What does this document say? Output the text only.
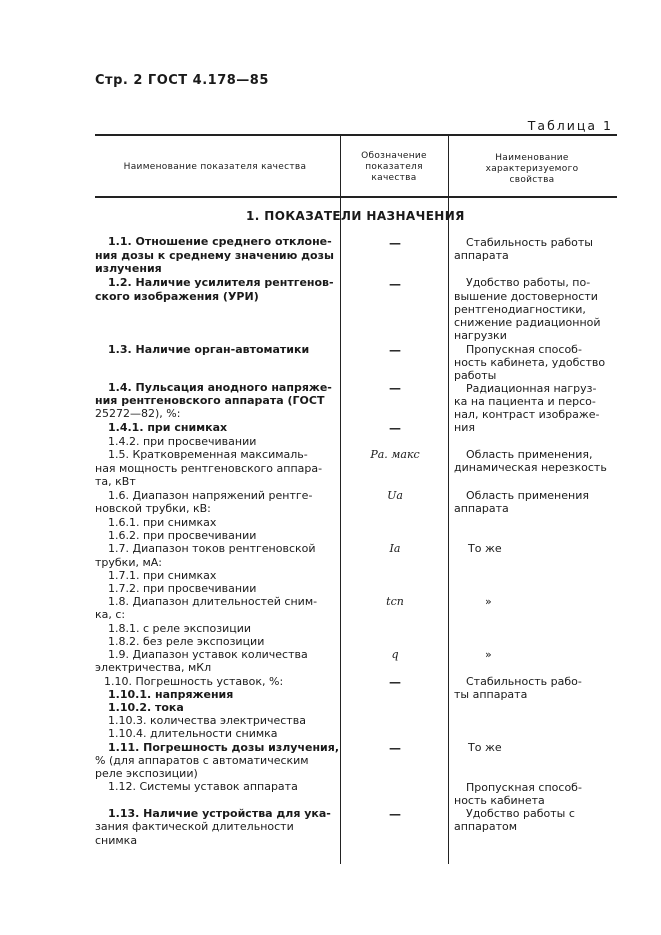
Стр. 2 ГОСТ 4.178—85
Таблица 1
Наименование показателя качества
Обозначение
показателя
качества
Наименование
характеризуемого
свойства
1. ПОКАЗАТЕЛИ НАЗНАЧЕНИЯ
1.1. Отношение среднего отклоне-
ния дозы к среднему значению дозы
излучения
1.2. Наличие усилителя рентгенов-
ского изображения (УРИ)
1.3. Наличие орган-автоматики
1.4. Пульсация анодного напряже-
ния рентгеновского аппарата (ГОСТ
25272—82), %:
1.4.1. при снимках
1.4.2. при просвечивании
1.5. Кратковременная максималь-
ная мощность рентгеновского аппара-
та, кВт
1.6. Диапазон напряжений рентге-
новской трубки, кВ:
1.6.1. при снимках
1.6.2. при просвечивании
1.7. Диапазон токов рентгеновской
трубки, мА:
1.7.1. при снимках
1.7.2. при просвечивании
1.8. Диапазон длительностей сним-
ка, с:
1.8.1. с реле экспозиции
1.8.2. без реле экспозиции
1.9. Диапазон уставок количества
электричества, мКл
1.10. Погрешность уставок, %:
1.10.1. напряжения
1.10.2. тока
1.10.3. количества электричества
1.10.4. длительности снимка
1.11. Погрешность дозы излучения,
% (для аппаратов с автоматическим
реле экспозиции)
1.12. Системы уставок аппарата
1.13. Наличие устройства для ука-
зания фактической длительности
снимка
—
—
—
—
—
Pа. макс
Uа
Iа
tсп
q
—
—
—
Стабильность работы
аппарата
Удобство работы, по-
вышение достоверности
рентгенодиагностики,
снижение радиационной
нагрузки
Пропускная способ-
ность кабинета, удобство
работы
Радиационная нагруз-
ка на пациента и персо-
нал, контраст изображе-
ния
Область применения,
динамическая нерезкость
Область применения
аппарата
То же
»
»
Стабильность рабо-
ты аппарата
То же
Пропускная способ-
ность кабинета
Удобство работы с
аппаратом
